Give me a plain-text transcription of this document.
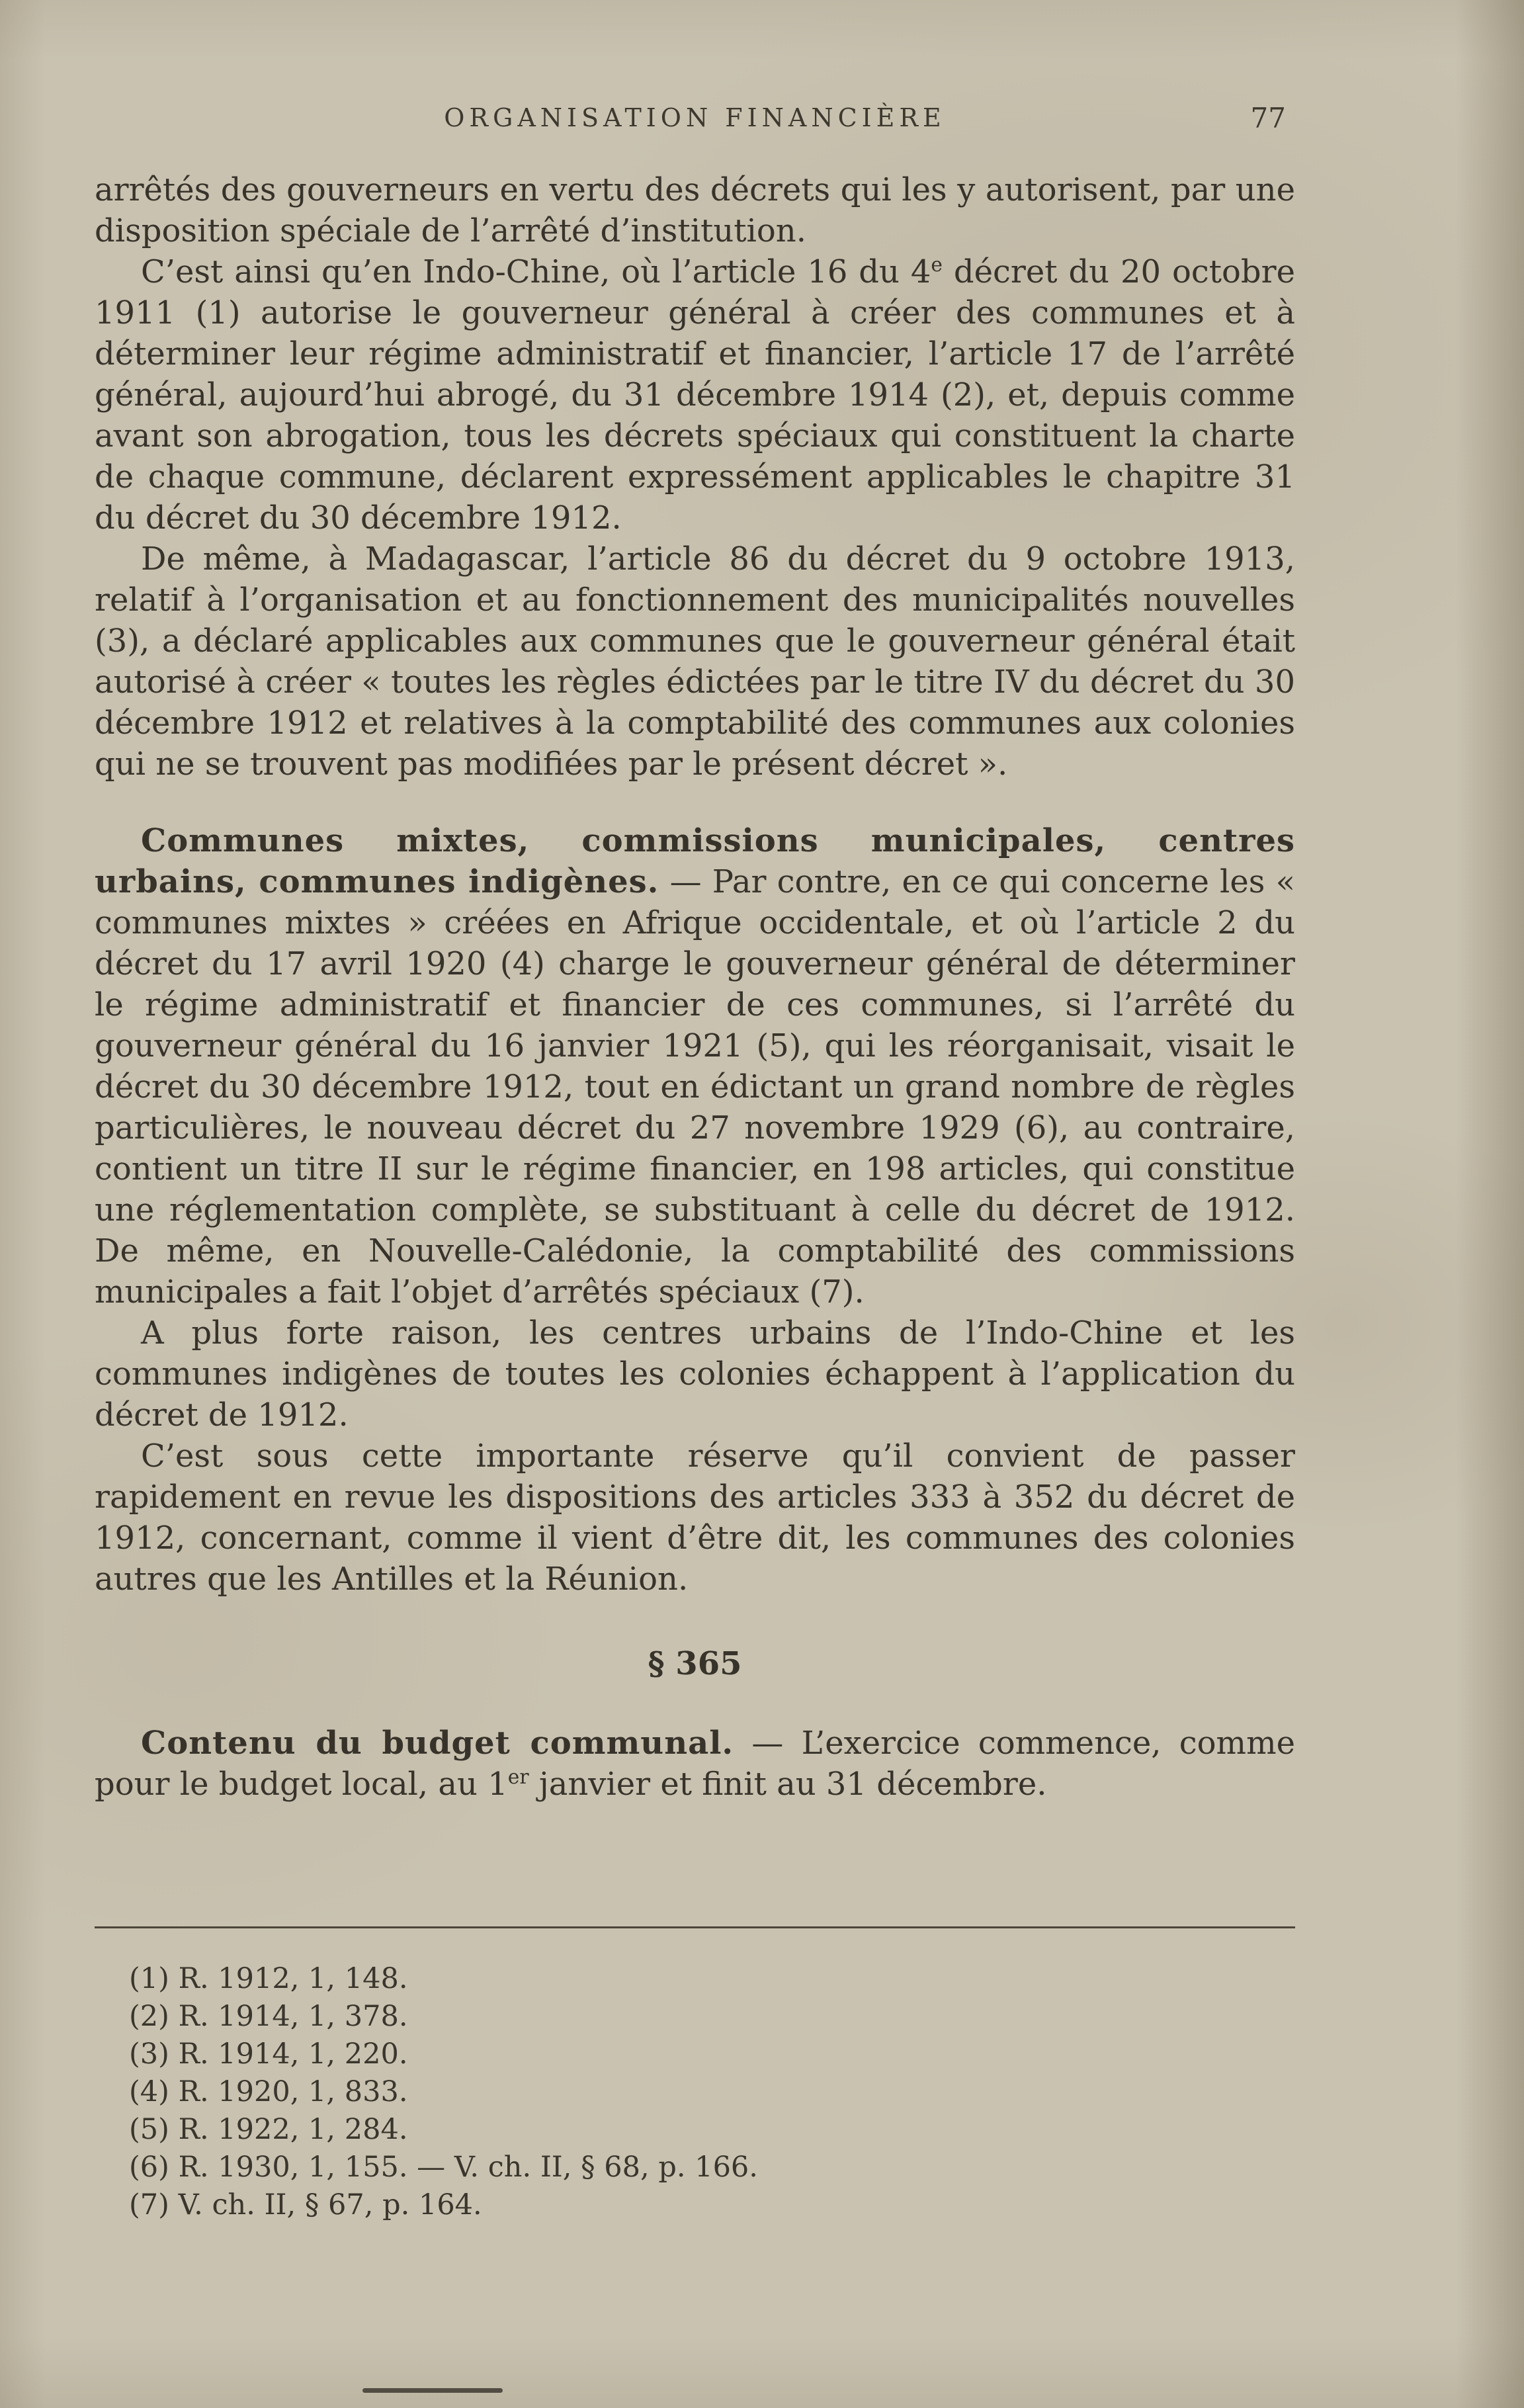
ORGANISATION FINANCIÈRE	77

arrêtés des gouverneurs en vertu des décrets qui les y autorisent, par une disposition spéciale de l’arrêté d’institution.

C’est ainsi qu’en Indo-Chine, où l’article 16 du 4e décret du 20 octobre 1911 (1) autorise le gouverneur général à créer des communes et à déterminer leur régime administratif et financier, l’article 17 de l’arrêté général, aujourd’hui abrogé, du 31 décembre 1914 (2), et, depuis comme avant son abrogation, tous les décrets spéciaux qui constituent la charte de chaque commune, déclarent expressément applicables le chapitre 31 du décret du 30 décembre 1912.

De même, à Madagascar, l’article 86 du décret du 9 octobre 1913, relatif à l’organisation et au fonctionnement des municipalités nouvelles (3), a déclaré applicables aux communes que le gouverneur général était autorisé à créer « toutes les règles édictées par le titre IV du décret du 30 décembre 1912 et relatives à la comptabilité des communes aux colonies qui ne se trouvent pas modifiées par le présent décret ».

Communes mixtes, commissions municipales, centres urbains, communes indigènes. — Par contre, en ce qui concerne les « communes mixtes » créées en Afrique occidentale, et où l’article 2 du décret du 17 avril 1920 (4) charge le gouverneur général de déterminer le régime administratif et financier de ces communes, si l’arrêté du gouverneur général du 16 janvier 1921 (5), qui les réorganisait, visait le décret du 30 décembre 1912, tout en édictant un grand nombre de règles particulières, le nouveau décret du 27 novembre 1929 (6), au contraire, contient un titre II sur le régime financier, en 198 articles, qui constitue une réglementation complète, se substituant à celle du décret de 1912. De même, en Nouvelle-Calédonie, la comptabilité des commissions municipales a fait l’objet d’arrêtés spéciaux (7).

A plus forte raison, les centres urbains de l’Indo-Chine et les communes indigènes de toutes les colonies échappent à l’application du décret de 1912.

C’est sous cette importante réserve qu’il convient de passer rapidement en revue les dispositions des articles 333 à 352 du décret de 1912, concernant, comme il vient d’être dit, les communes des colonies autres que les Antilles et la Réunion.

§ 365

Contenu du budget communal. — L’exercice commence, comme pour le budget local, au 1er janvier et finit au 31 décembre.

(1) R. 1912, 1, 148.
(2) R. 1914, 1, 378.
(3) R. 1914, 1, 220.
(4) R. 1920, 1, 833.
(5) R. 1922, 1, 284.
(6) R. 1930, 1, 155. — V. ch. II, § 68, p. 166.
(7) V. ch. II, § 67, p. 164.
